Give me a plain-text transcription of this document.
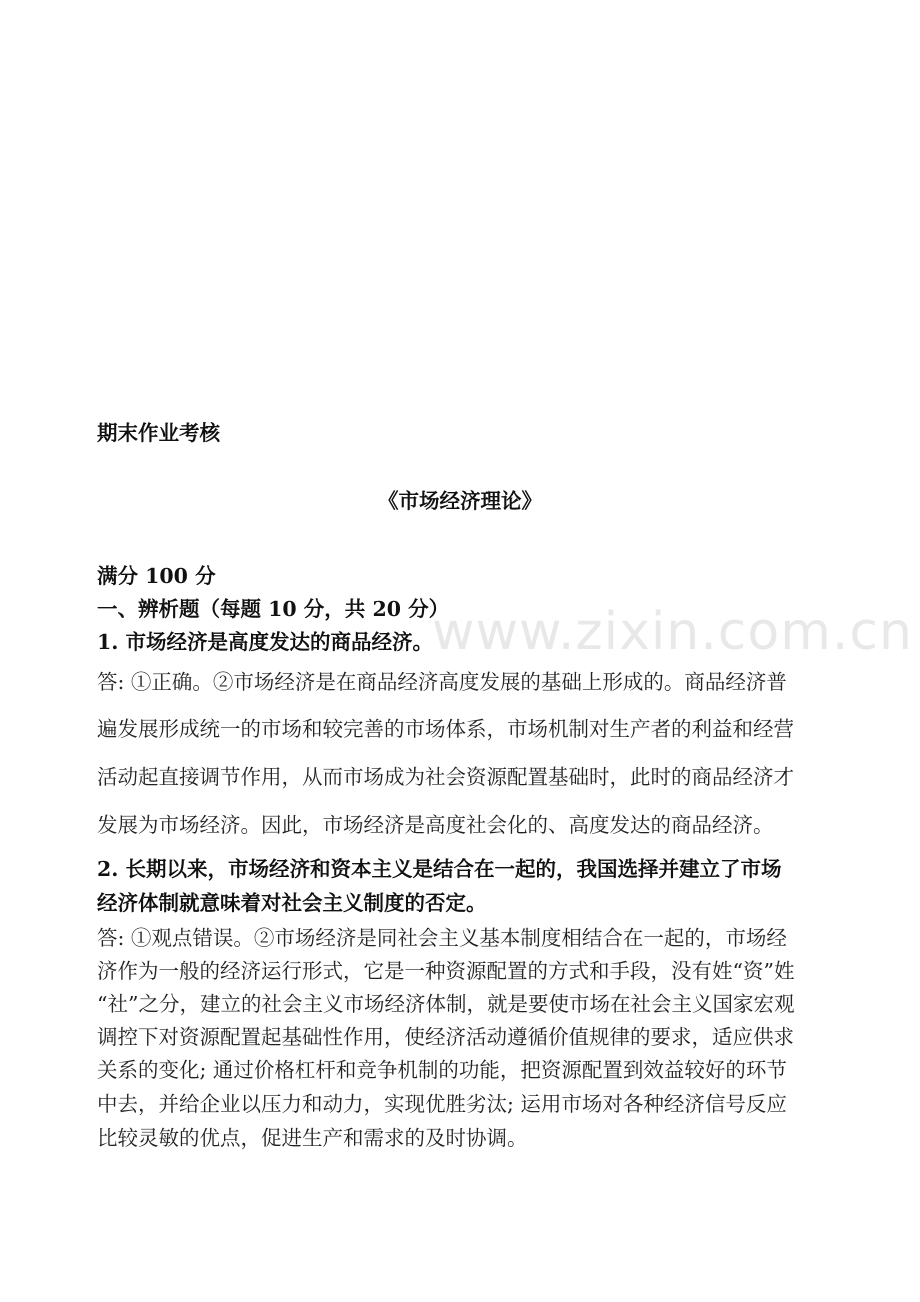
期末作业考核
《市场经济理论》
满分 100 分
一、辨析题（每题 10 分，共 20 分）
1. 市场经济是高度发达的商品经济。
答: ①正确。②市场经济是在商品经济高度发展的基础上形成的。商品经济普
遍发展形成统一的市场和较完善的市场体系，市场机制对生产者的利益和经营
活动起直接调节作用，从而市场成为社会资源配置基础时，此时的商品经济才
发展为市场经济。因此，市场经济是高度社会化的、高度发达的商品经济。
2. 长期以来，市场经济和资本主义是结合在一起的，我国选择并建立了市场
经济体制就意味着对社会主义制度的否定。
答: ①观点错误。②市场经济是同社会主义基本制度相结合在一起的，市场经
济作为一般的经济运行形式，它是一种资源配置的方式和手段，没有姓“资”姓
“社”之分，建立的社会主义市场经济体制，就是要使市场在社会主义国家宏观
调控下对资源配置起基础性作用，使经济活动遵循价值规律的要求，适应供求
关系的变化; 通过价格杠杆和竞争机制的功能，把资源配置到效益较好的环节
中去，并给企业以压力和动力，实现优胜劣汰; 运用市场对各种经济信号反应
比较灵敏的优点，促进生产和需求的及时协调。
www.zixin.com.cn
